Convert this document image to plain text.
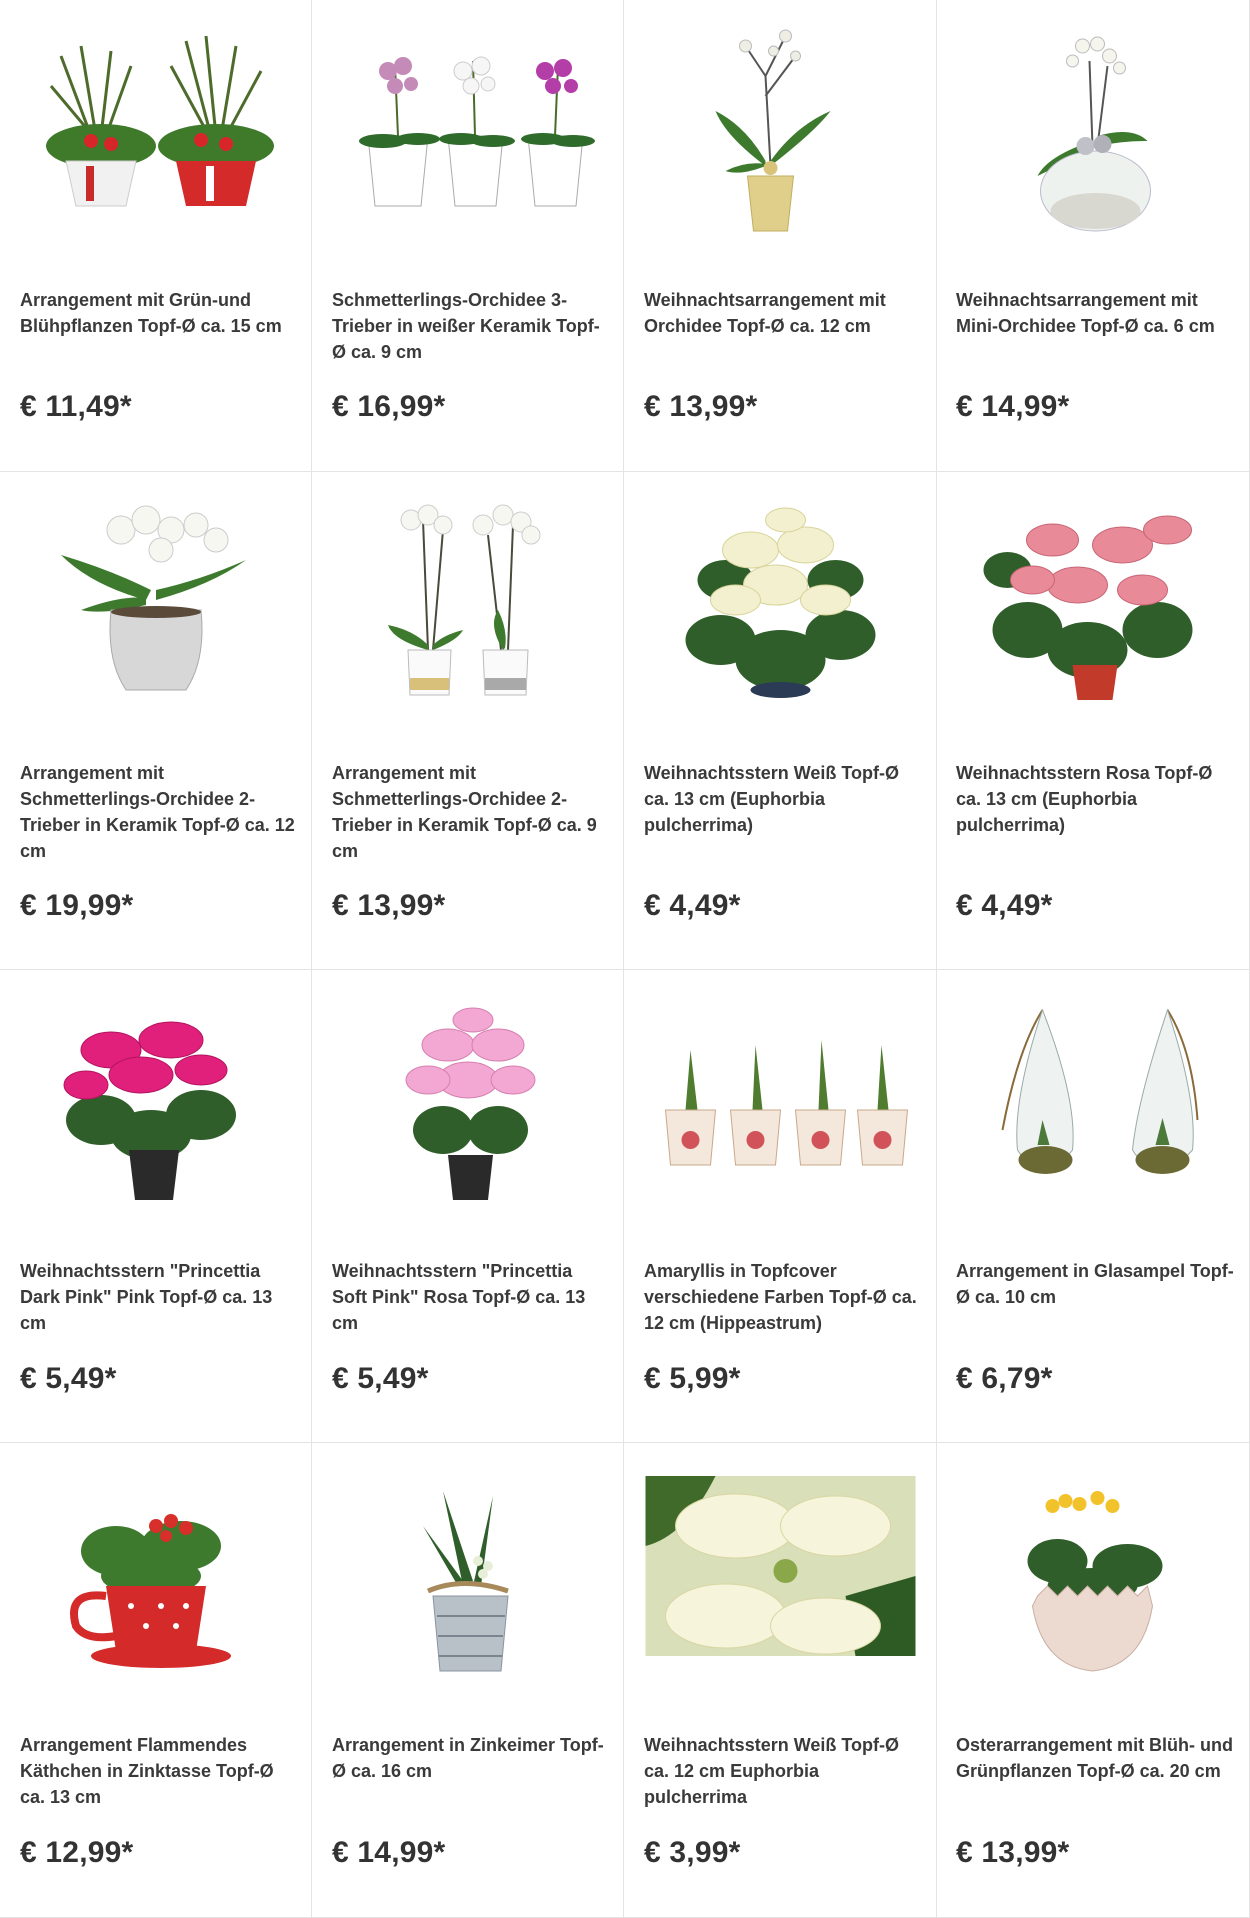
Arrangement mit Grün-und Blühpflanzen Topf-Ø ca. 15 cm
€ 11,49*
Schmetterlings-Orchidee 3-Trieber in weißer Keramik Topf-Ø ca. 9 cm
€ 16,99*
Weihnachtsarrangement mit Orchidee Topf-Ø ca. 12 cm
€ 13,99*
Weihnachtsarrangement mit Mini-Orchidee Topf-Ø ca. 6 cm
€ 14,99*
Arrangement mit Schmetterlings-Orchidee 2-Trieber in Keramik Topf-Ø ca. 12 cm
€ 19,99*
Arrangement mit Schmetterlings-Orchidee 2-Trieber in Keramik Topf-Ø ca. 9 cm
€ 13,99*
Weihnachtsstern Weiß Topf-Ø ca. 13 cm (Euphorbia pulcherrima)
€ 4,49*
Weihnachtsstern Rosa Topf-Ø ca. 13 cm (Euphorbia pulcherrima)
€ 4,49*
Weihnachtsstern "Princettia Dark Pink" Pink Topf-Ø ca. 13 cm
€ 5,49*
Weihnachtsstern "Princettia Soft Pink" Rosa Topf-Ø ca. 13 cm
€ 5,49*
Amaryllis in Topfcover verschiedene Farben Topf-Ø ca. 12 cm (Hippeastrum)
€ 5,99*
Arrangement in Glasampel Topf-Ø ca. 10 cm
€ 6,79*
Arrangement Flammendes Käthchen in Zinktasse Topf-Ø ca. 13 cm
€ 12,99*
Arrangement in Zinkeimer Topf-Ø ca. 16 cm
€ 14,99*
Weihnachtsstern Weiß Topf-Ø ca. 12 cm Euphorbia pulcherrima
€ 3,99*
Osterarrangement mit Blüh- und Grünpflanzen Topf-Ø ca. 20 cm
€ 13,99*
